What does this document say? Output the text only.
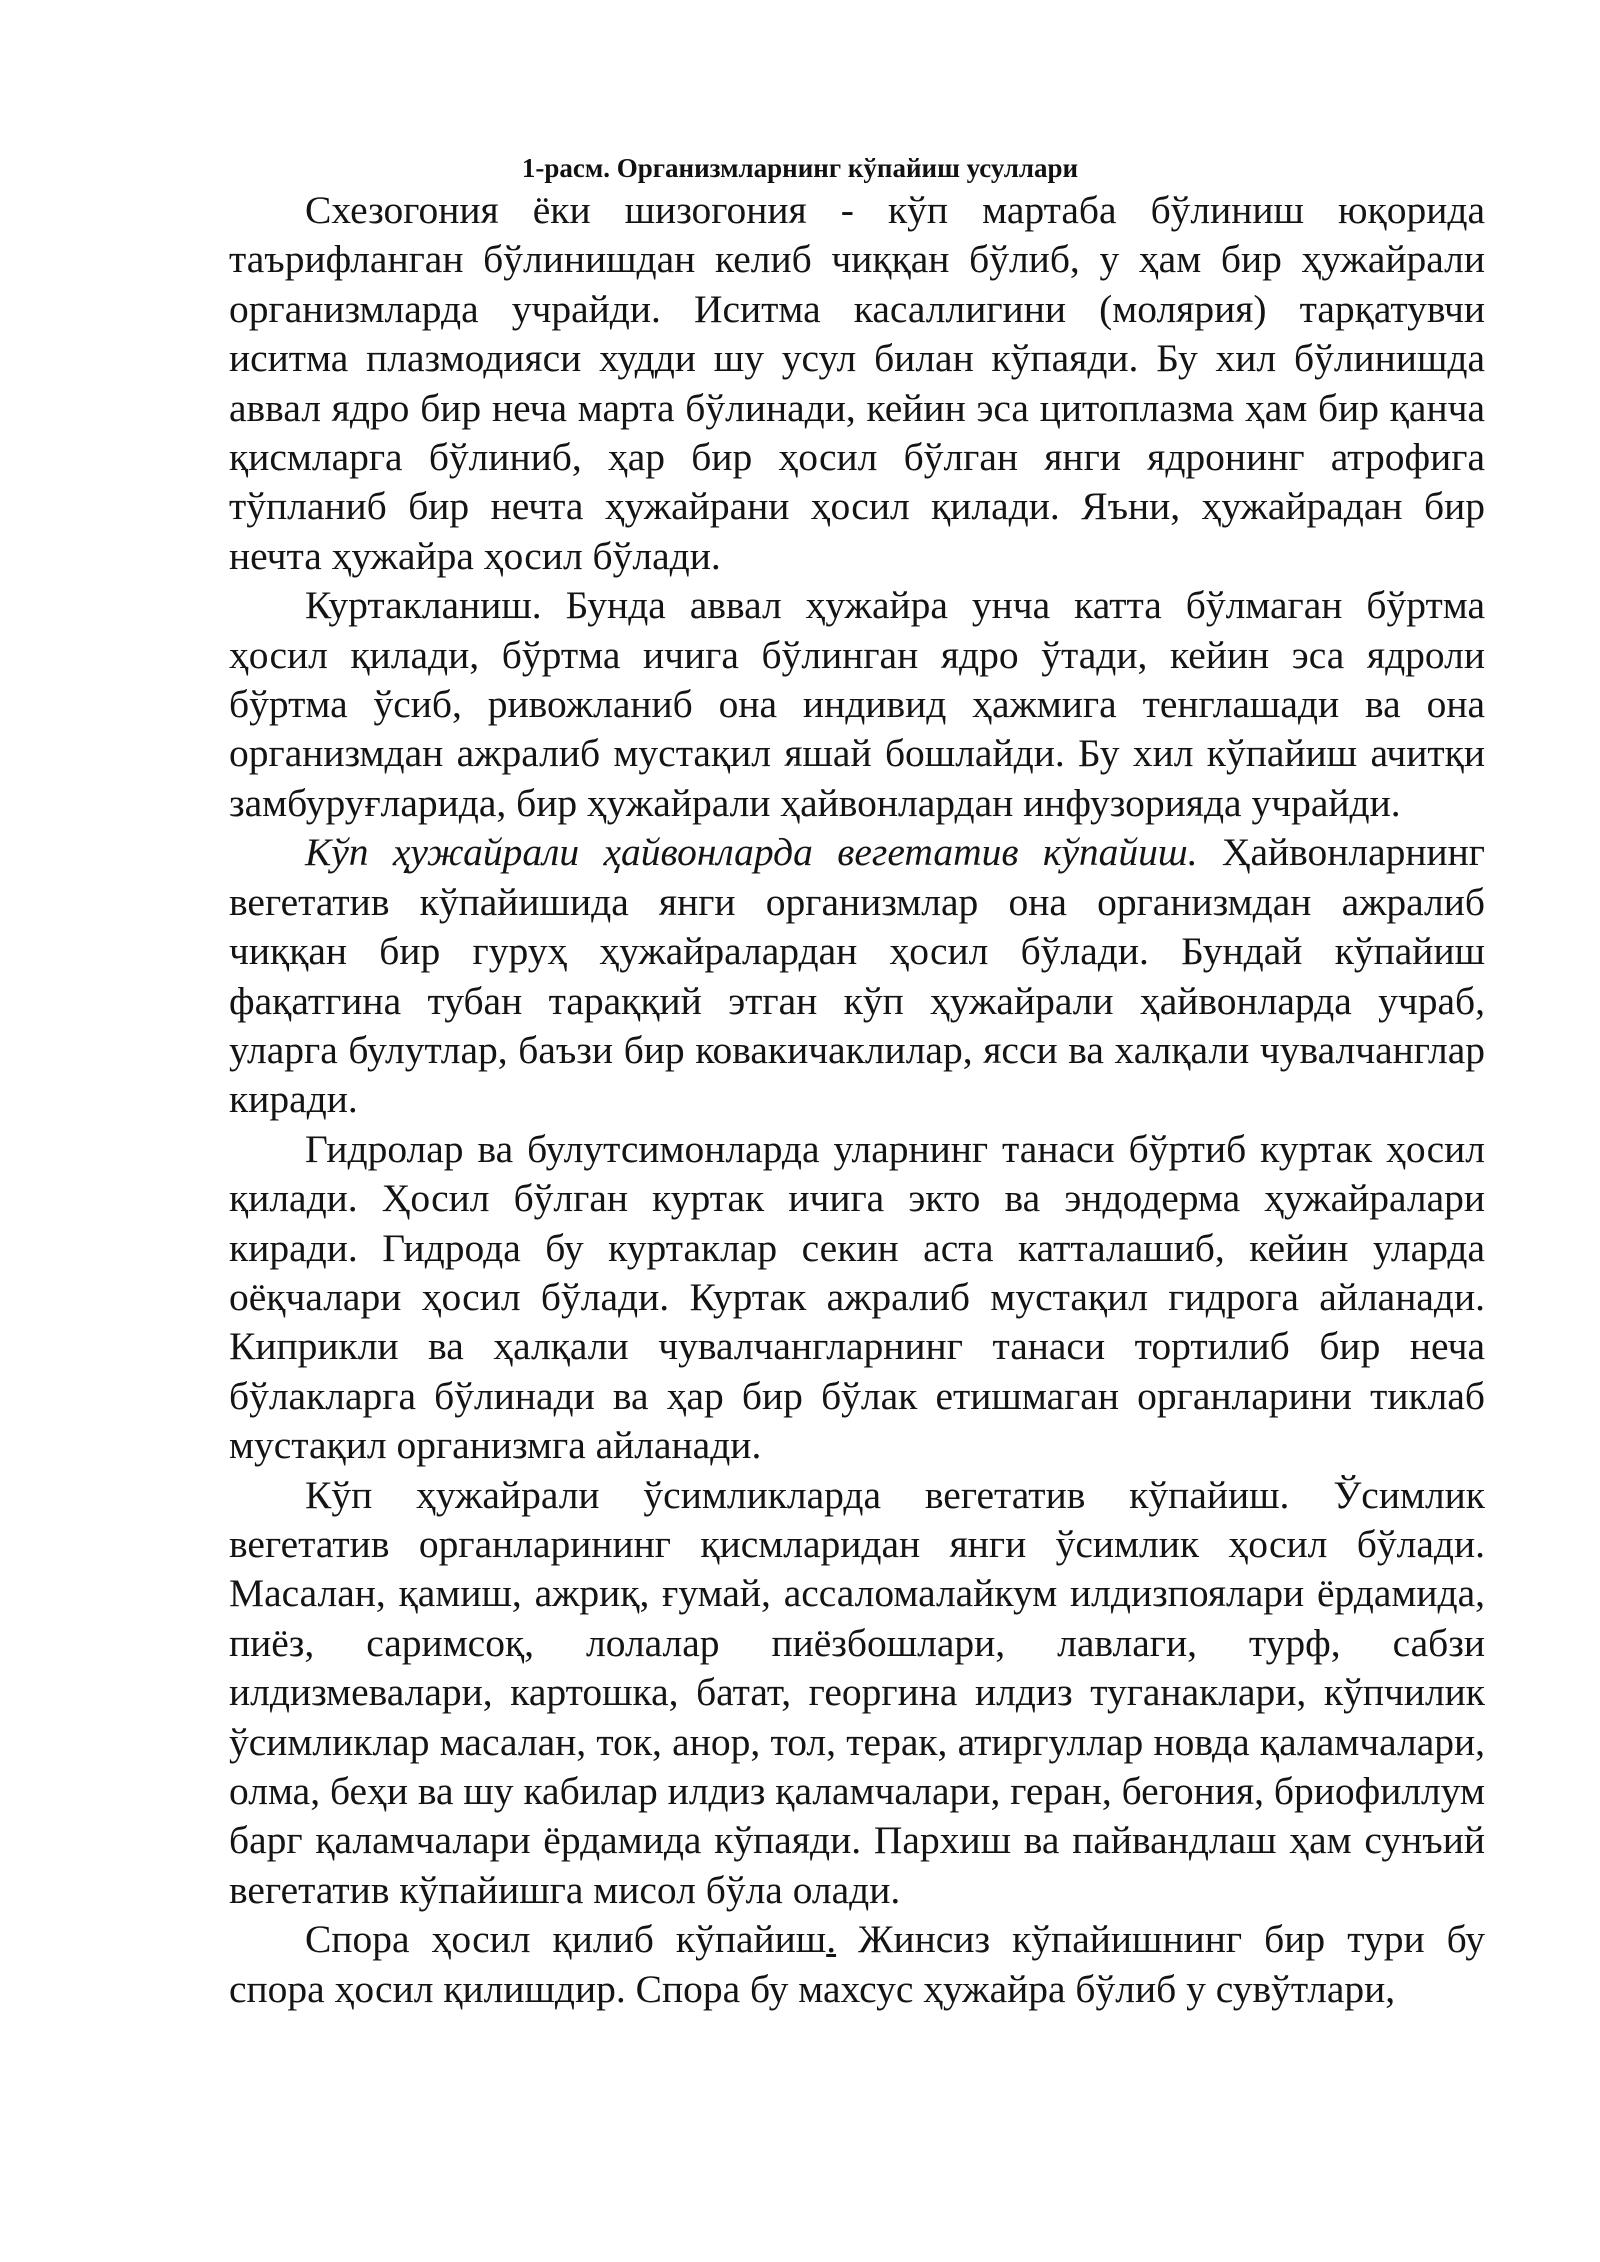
1-расм. Организмларнинг кўпайиш усуллари

Схезогония ёки шизогония - кўп мартаба бўлиниш юқорида таърифланган бўлинишдан келиб чиққан бўлиб, у ҳам бир ҳужайрали организмларда учрайди. Иситма касаллигини (молярия) тарқатувчи иситма плазмодияси худди шу усул билан кўпаяди. Бу хил бўлинишда аввал ядро бир неча марта бўлинади, кейин эса цитоплазма ҳам бир қанча қисмларга бўлиниб, ҳар бир ҳосил бўлган янги ядронинг атрофига тўпланиб бир нечта ҳужайрани ҳосил қилади. Яъни, ҳужайрадан бир нечта ҳужайра ҳосил бўлади.

Куртакланиш. Бунда аввал ҳужайра унча катта бўлмаган бўртма ҳосил қилади, бўртма ичига бўлинган ядро ўтади, кейин эса ядроли бўртма ўсиб, ривожланиб она индивид ҳажмига тенглашади ва она организмдан ажралиб мустақил яшай бошлайди. Бу хил кўпайиш ачитқи замбуруғларида, бир ҳужайрали ҳайвонлардан инфузорияда учрайди.

Кўп ҳужайрали ҳайвонларда вегетатив кўпайиш. Ҳайвонларнинг вегетатив кўпайишида янги организмлар она организмдан ажралиб чиққан бир гуруҳ ҳужайралардан ҳосил бўлади. Бундай кўпайиш фақатгина тубан тараққий этган кўп ҳужайрали ҳайвонларда учраб, уларга булутлар, баъзи бир ковакичаклилар, ясси ва халқали чувалчанглар киради.

Гидролар ва булутсимонларда уларнинг танаси бўртиб куртак ҳосил қилади. Ҳосил бўлган куртак ичига экто ва эндодерма ҳужайралари киради. Гидрода бу куртаклар секин аста катталашиб, кейин уларда оёқчалари ҳосил бўлади. Куртак ажралиб мустақил гидрога айланади. Киприкли ва ҳалқали чувалчангларнинг танаси тортилиб бир неча бўлакларга бўлинади ва ҳар бир бўлак етишмаган органларини тиклаб мустақил организмга айланади.

Кўп ҳужайрали ўсимликларда вегетатив кўпайиш. Ўсимлик вегетатив органларининг қисмларидан янги ўсимлик ҳосил бўлади. Масалан, қамиш, ажриқ, ғумай, ассаломалайкум илдизпоялари ёрдамида, пиёз, саримсоқ, лолалар пиёзбошлари, лавлаги, турф, сабзи илдизмевалари, картошка, батат, георгина илдиз туганаклари, кўпчилик ўсимликлар масалан, ток, анор, тол, терак, атиргуллар новда қаламчалари, олма, беҳи ва шу кабилар илдиз қаламчалари, геран, бегония, бриофиллум барг қаламчалари ёрдамида кўпаяди. Пархиш ва пайвандлаш ҳам сунъий вегетатив кўпайишга мисол бўла олади.

Спора ҳосил қилиб кўпайиш. Жинсиз кўпайишнинг бир тури бу спора ҳосил қилишдир. Спора бу махсус ҳужайра бўлиб у сувўтлари,
